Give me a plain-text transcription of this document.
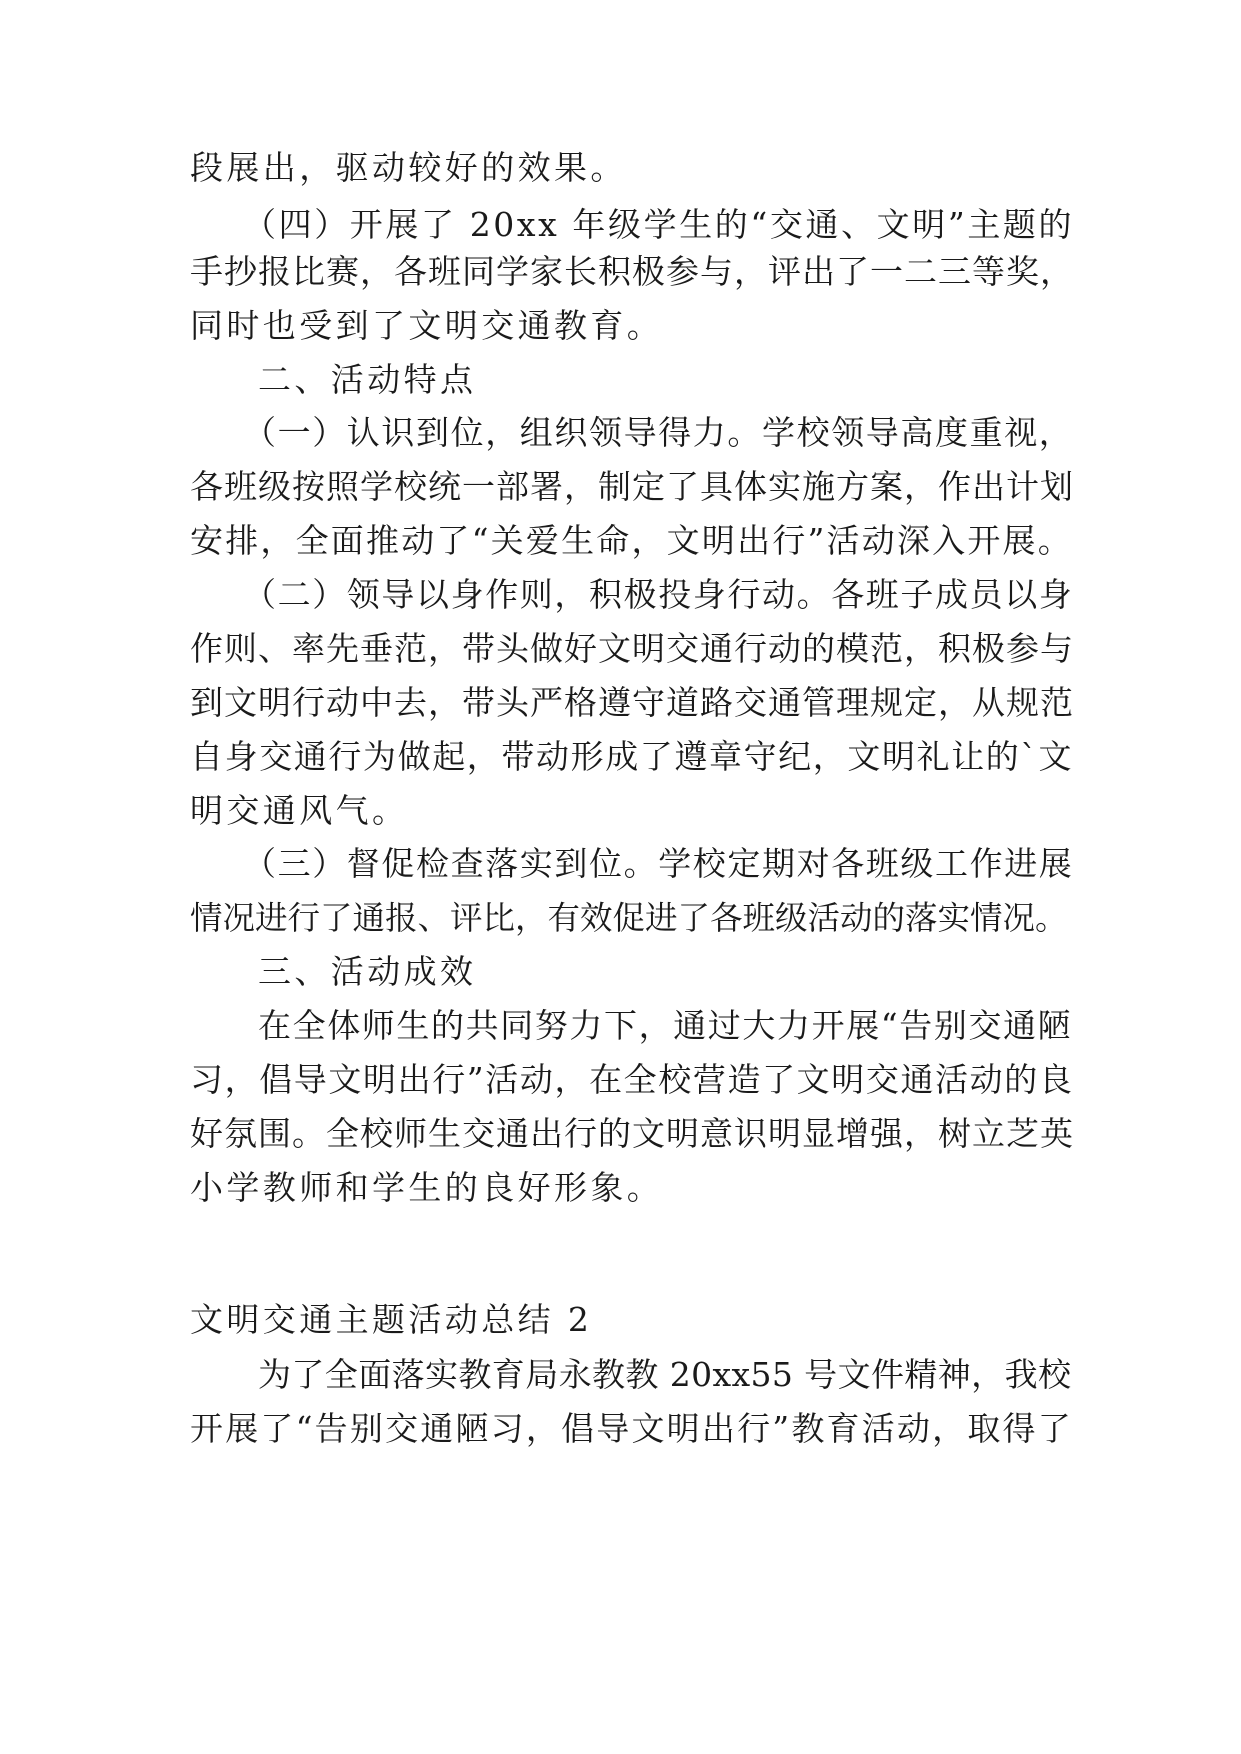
段展出，驱动较好的效果。

（四）开展了 20xx 年级学生的“交通、文明”主题的

手抄报比赛，各班同学家长积极参与，评出了一二三等奖，

同时也受到了文明交通教育。

二、活动特点

（一）认识到位，组织领导得力。学校领导高度重视，

各班级按照学校统一部署，制定了具体实施方案，作出计划

安排，全面推动了“关爱生命，文明出行”活动深入开展。

（二）领导以身作则，积极投身行动。各班子成员以身

作则、率先垂范，带头做好文明交通行动的模范，积极参与

到文明行动中去，带头严格遵守道路交通管理规定，从规范

自身交通行为做起，带动形成了遵章守纪，文明礼让的`文

明交通风气。

（三）督促检查落实到位。学校定期对各班级工作进展

情况进行了通报、评比，有效促进了各班级活动的落实情况。

三、活动成效

在全体师生的共同努力下，通过大力开展“告别交通陋

习，倡导文明出行”活动，在全校营造了文明交通活动的良

好氛围。全校师生交通出行的文明意识明显增强，树立芝英

小学教师和学生的良好形象。

文明交通主题活动总结 2

为了全面落实教育局永教教 20xx55 号文件精神，我校

开展了“告别交通陋习，倡导文明出行”教育活动，取得了
